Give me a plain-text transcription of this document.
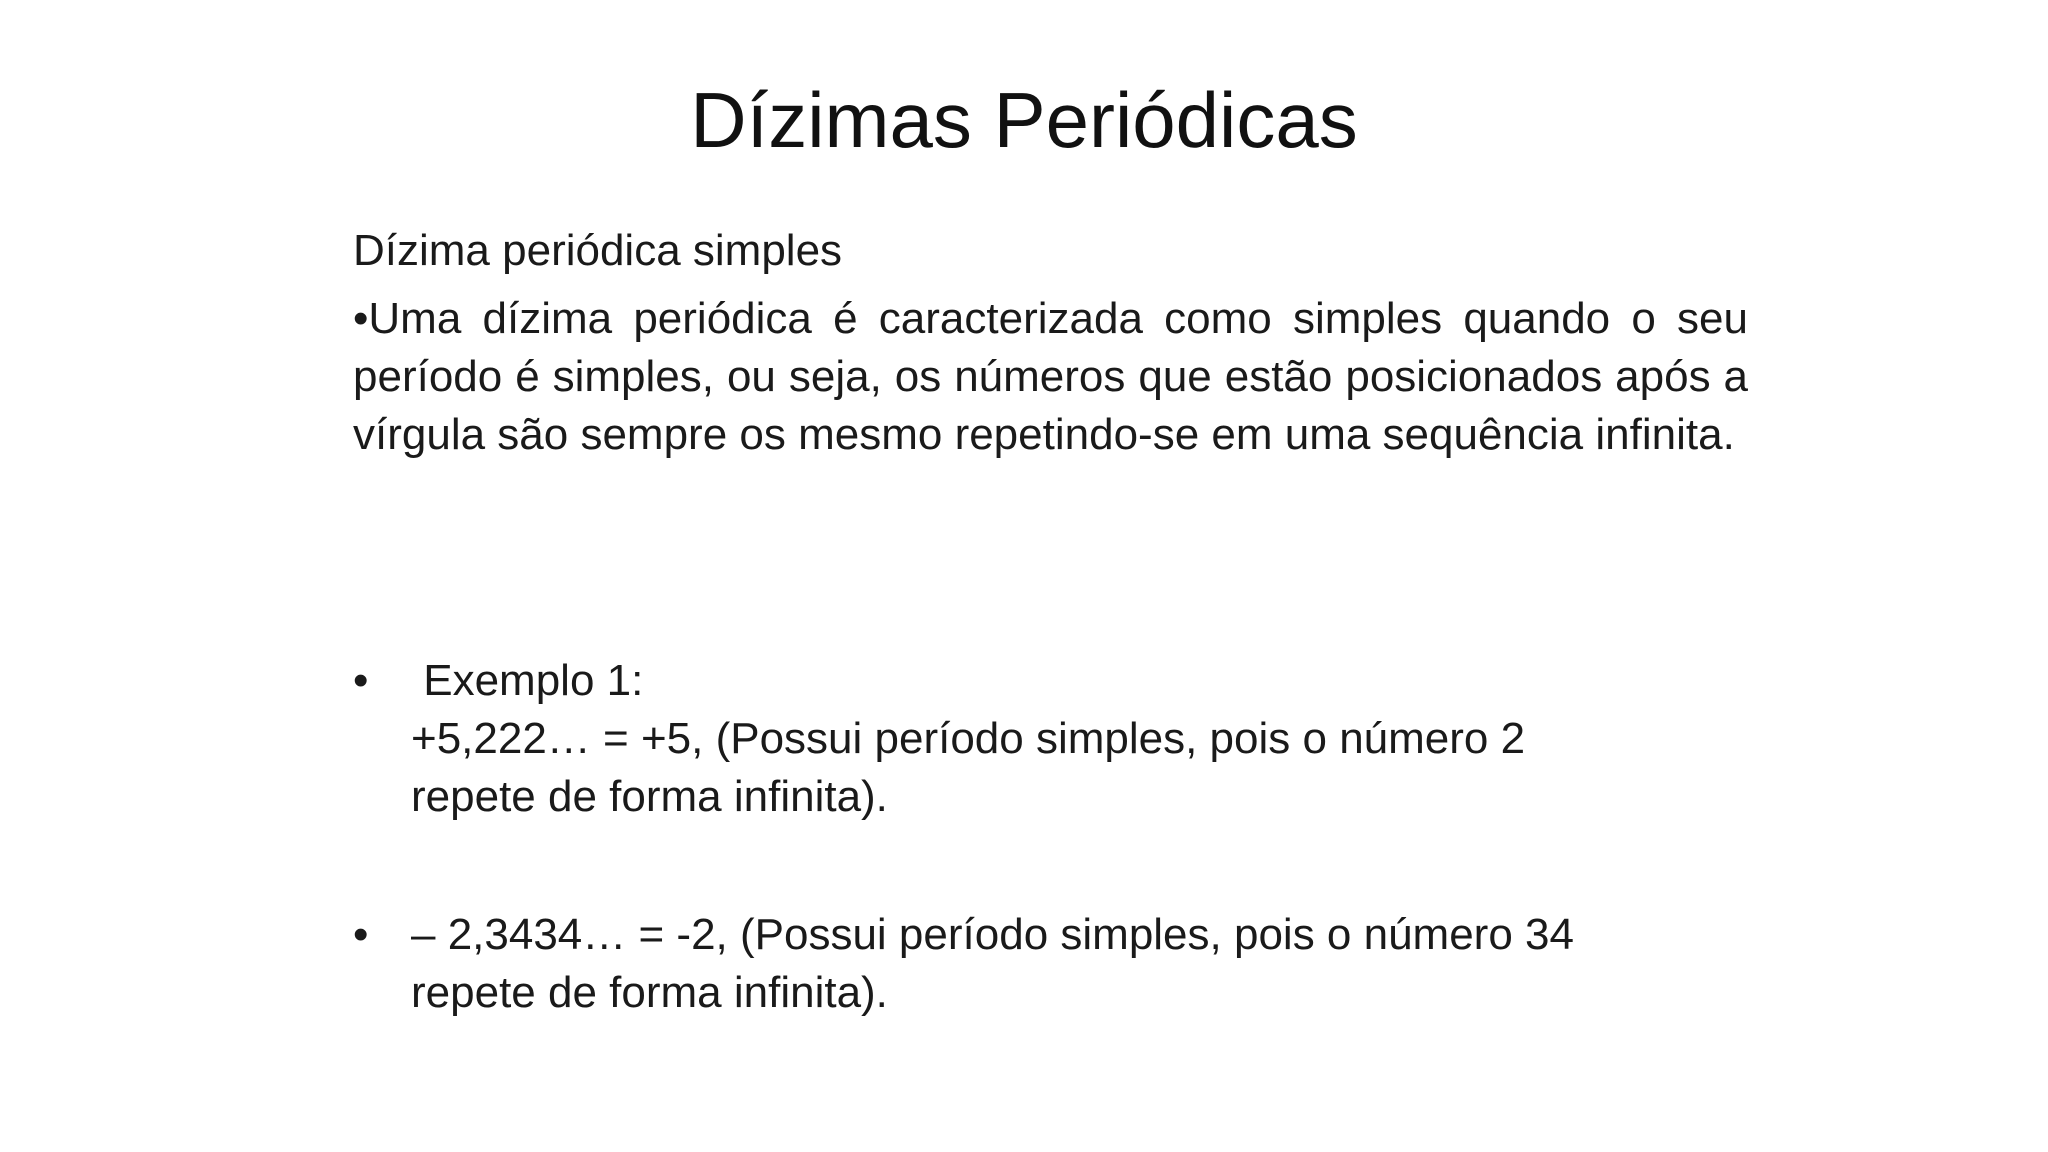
Dízimas Periódicas

Dízima periódica simples

•Uma dízima periódica é caracterizada como simples quando o seu período é simples, ou seja, os números que estão posicionados após a vírgula são sempre os mesmo repetindo-se em uma sequência infinita.

• Exemplo 1:
+5,222… = +5, (Possui período simples, pois o número 2
repete de forma infinita).
• – 2,3434… = -2, (Possui período simples, pois o número 34
repete de forma infinita).
